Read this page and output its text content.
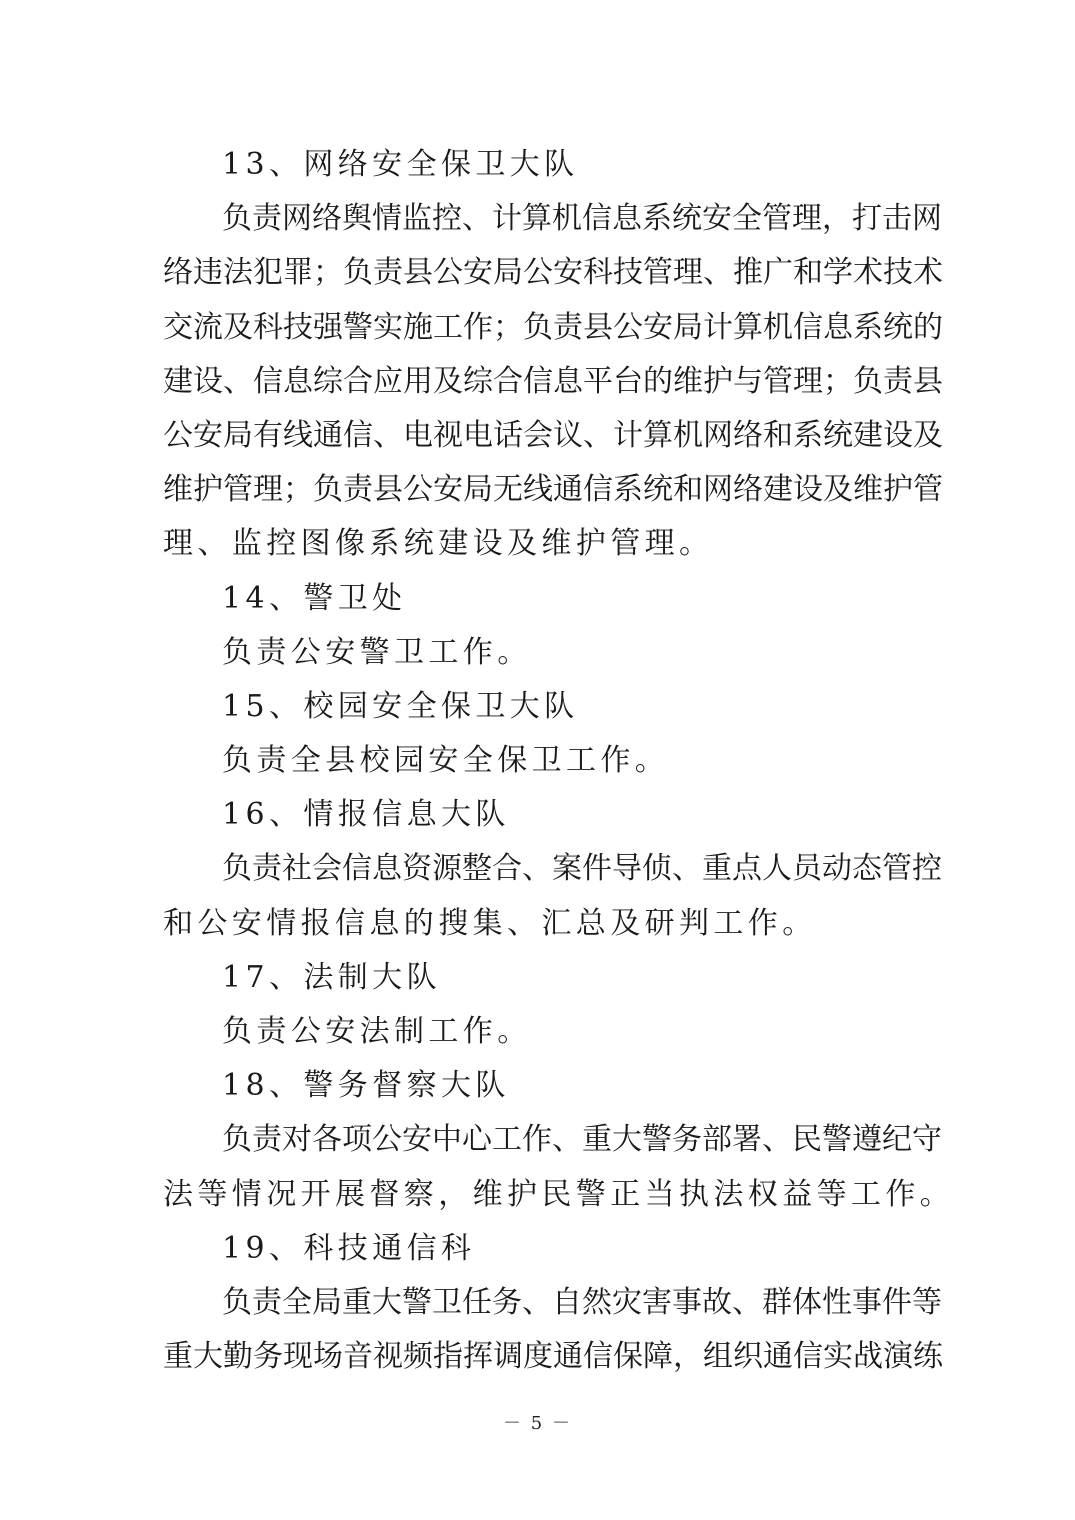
13、网络安全保卫大队
负责网络舆情监控、计算机信息系统安全管理，打击网
络违法犯罪；负责县公安局公安科技管理、推广和学术技术
交流及科技强警实施工作；负责县公安局计算机信息系统的
建设、信息综合应用及综合信息平台的维护与管理；负责县
公安局有线通信、电视电话会议、计算机网络和系统建设及
维护管理；负责县公安局无线通信系统和网络建设及维护管
理、监控图像系统建设及维护管理。
14、警卫处
负责公安警卫工作。
15、校园安全保卫大队
负责全县校园安全保卫工作。
16、情报信息大队
负责社会信息资源整合、案件导侦、重点人员动态管控
和公安情报信息的搜集、汇总及研判工作。
17、法制大队
负责公安法制工作。
18、警务督察大队
负责对各项公安中心工作、重大警务部署、民警遵纪守
法等情况开展督察，维护民警正当执法权益等工作。
19、科技通信科
负责全局重大警卫任务、自然灾害事故、群体性事件等
重大勤务现场音视频指挥调度通信保障，组织通信实战演练
－ 5 －
